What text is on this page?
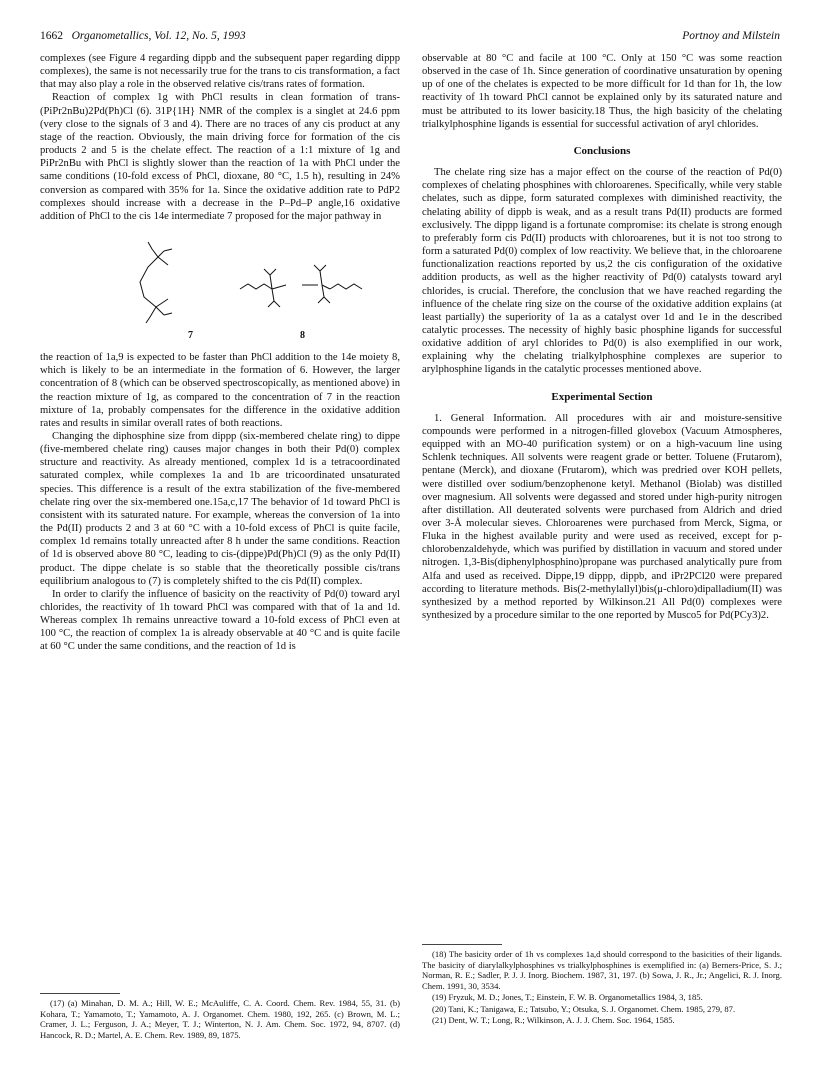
1662 Organometallics, Vol. 12, No. 5, 1993	Portnoy and Milstein

complexes (see Figure 4 regarding dippb and the subsequent paper regarding dippp complexes), the same is not necessarily true for the trans to cis transformation, a fact that may also play a role in the observed relative cis/trans rates of formation.

Reaction of complex 1g with PhCl results in clean formation of trans-(PiPr2nBu)2Pd(Ph)Cl (6). 31P{1H} NMR of the complex is a singlet at 24.6 ppm (very close to the signals of 3 and 4). There are no traces of any cis product at any stage of the reaction. Obviously, the main driving force for formation of the cis products 2 and 5 is the chelate effect. The reaction of a 1:1 mixture of 1g and PiPr2nBu with PhCl is slightly slower than the reaction of 1a with PhCl under the same conditions (10-fold excess of PhCl, dioxane, 80 °C, 1.5 h), resulting in 24% conversion as compared with 35% for 1a. Since the oxidative addition rate to PdP2 complexes should increase with a decrease in the P–Pd–P angle,16 oxidative addition of PhCl to the cis 14e intermediate 7 proposed for the major pathway in

7	8

the reaction of 1a,9 is expected to be faster than PhCl addition to the 14e moiety 8, which is likely to be an intermediate in the formation of 6. However, the larger concentration of 8 (which can be observed spectroscopically, as mentioned above) in the reaction mixture of 1g, as compared to the concentration of 7 in the reaction mixture of 1a, probably compensates for the difference in the oxidative addition rates and results in similar overall rates of both reactions.

Changing the diphosphine size from dippp (six-membered chelate ring) to dippe (five-membered chelate ring) causes major changes in both their Pd(0) complex structure and reactivity. As already mentioned, complex 1d is a tetracoordinated saturated complex, while complexes 1a and 1b are tricoordinated unsaturated species. This difference is a result of the extra stabilization of the five-membered chelate ring over the six-membered one.15a,c,17 The behavior of 1d toward PhCl is consistent with its saturated nature. For example, whereas the conversion of 1a into the Pd(II) products 2 and 3 at 60 °C with a 10-fold excess of PhCl is quite facile, complex 1d remains totally unreacted after 8 h under the same conditions. Reaction of 1d is observed above 80 °C, leading to cis-(dippe)Pd(Ph)Cl (9) as the only Pd(II) product. The dippe chelate is so stable that the theoretically possible cis/trans equilibrium analogous to (7) is completely shifted to the cis Pd(II) complex.

In order to clarify the influence of basicity on the reactivity of Pd(0) toward aryl chlorides, the reactivity of 1h toward PhCl was compared with that of 1a and 1d. Whereas complex 1h remains unreactive toward a 10-fold excess of PhCl even at 100 °C, the reaction of complex 1a is already observable at 40 °C and is quite facile at 60 °C under the same conditions, and the reaction of 1d is

(17) (a) Minahan, D. M. A.; Hill, W. E.; McAuliffe, C. A. Coord. Chem. Rev. 1984, 55, 31. (b) Kohara, T.; Yamamoto, T.; Yamamoto, A. J. Organomet. Chem. 1980, 192, 265. (c) Brown, M. L.; Cramer, J. L.; Ferguson, J. A.; Meyer, T. J.; Winterton, N. J. Am. Chem. Soc. 1972, 94, 8707. (d) Hancock, R. D.; Martel, A. E. Chem. Rev. 1989, 89, 1875.

observable at 80 °C and facile at 100 °C. Only at 150 °C was some reaction observed in the case of 1h. Since generation of coordinative unsaturation by opening up of one of the chelates is expected to be more difficult for 1d than for 1h, the low reactivity of 1h toward PhCl cannot be explained only by its saturated nature and must be attributed to its lower basicity.18 Thus, the high basicity of the chelating trialkylphosphine ligands is essential for successful activation of aryl chlorides.

Conclusions

The chelate ring size has a major effect on the course of the reaction of Pd(0) complexes of chelating phosphines with chloroarenes. Specifically, while very stable chelates, such as dippe, form saturated complexes with diminished reactivity, the chelating ability of dippb is weak, and as a result trans Pd(II) products are formed exclusively. The dippp ligand is a fortunate compromise: its chelate is strong enough to preferably form cis Pd(II) products with chloroarenes, but it is not too strong to form a saturated Pd(0) complex of low reactivity. We believe that, in the chloroarene functionalization reactions reported by us,2 the cis configuration of the oxidative addition products, as well as the higher reactivity of Pd(0) catalysts toward aryl chlorides, is crucial. Therefore, the conclusion that we have reached regarding the influence of the chelate ring size on the course of the oxidative addition explains (at least partially) the superiority of 1a as a catalyst over 1d and 1e in the described catalytic processes. The necessity of highly basic phosphine ligands for successful oxidative addition of aryl chlorides to Pd(0) is also exemplified in our work, explaining why the chelating trialkylphosphine complexes are superior to arylphosphine ligands in the catalytic processes mentioned above.

Experimental Section

1. General Information. All procedures with air and moisture-sensitive compounds were performed in a nitrogen-filled glovebox (Vacuum Atmospheres, equipped with an MO-40 purification system) or on a high-vacuum line using Schlenk techniques. All solvents were reagent grade or better. Toluene (Frutarom), pentane (Merck), and dioxane (Frutarom), which was predried over KOH pellets, were distilled over sodium/benzophenone ketyl. Methanol (Biolab) was distilled over magnesium. All solvents were degassed and stored under high-purity nitrogen after distillation. All deuterated solvents were purchased from Aldrich and dried over 3-Å molecular sieves. Chloroarenes were purchased from Merck, Sigma, or Fluka in the highest available purity and were used as received, except for p-chlorobenzaldehyde, which was purified by distillation in vacuum and stored under nitrogen. 1,3-Bis(diphenylphosphino)propane was purchased analytically pure from Alfa and used as received. Dippe,19 dippp, dippb, and iPr2PCl20 were prepared according to literature methods. Bis(2-methylallyl)bis(μ-chloro)dipalladium(II) was synthesized by a method reported by Wilkinson.21 All Pd(0) complexes were synthesized by a procedure similar to the one reported by Musco5 for Pd(PCy3)2.

(18) The basicity order of 1h vs complexes 1a,d should correspond to the basicities of their ligands. The basicity of diarylalkylphosphines vs trialkylphosphines is exemplified in: (a) Berners-Price, S. J.; Norman, R. E.; Sadler, P. J. J. Inorg. Biochem. 1987, 31, 197. (b) Sowa, J. R., Jr.; Angelici, R. J. Inorg. Chem. 1991, 30, 3534.

(19) Fryzuk, M. D.; Jones, T.; Einstein, F. W. B. Organometallics 1984, 3, 185.

(20) Tani, K.; Tanigawa, E.; Tatsubo, Y.; Otsuka, S. J. Organomet. Chem. 1985, 279, 87.

(21) Dent, W. T.; Long, R.; Wilkinson, A. J. J. Chem. Soc. 1964, 1585.
